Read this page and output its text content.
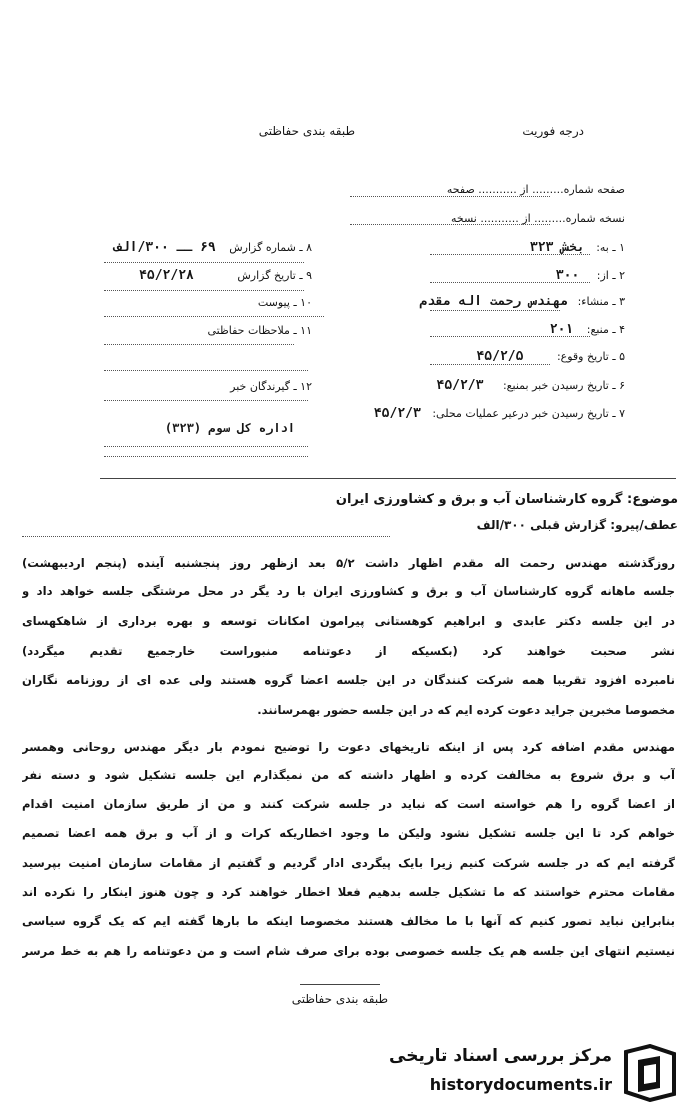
درجه فوریت
طبقه بندی حفاظتی
صفحه شماره......... از ........... صفحه
نسخه شماره......... از ........... نسخه
۱ ـ به: بخش ۳۲۳
۲ ـ از: ۳۰۰
۳ ـ منشاء: مهندس رحمت اله مقدم
۴ ـ منبع: ۲۰۱
۵ ـ تاریخ وقوع: ۴۵/۲/۵
۶ ـ تاریخ رسیدن خبر بمنبع: ۴۵/۲/۳
۷ ـ تاریخ رسیدن خبر درعیر عملیات محلی: ۴۵/۲/۳
۸ ـ شماره گزارش ۶۹ ــ ۳۰۰/الف
۹ ـ تاریخ گزارش ۴۵/۲/۲۸
۱۰ ـ پیوست
۱۱ ـ ملاحظات حفاظتی
۱۲ ـ گیرندگان خبر
اداره کل سوم (۳۲۳)
موضوع: گروه کارشناسان آب و برق و کشاورزی ایران
عطف/پیرو: گزارش قبلی ۳۰۰/الف
روزگذشته مهندس رحمت اله مقدم اظهار داشت ۵/۲ بعد ازظهر روز پنجشنبه آینده (پنجم اردیبهشت)
جلسه ماهانه گروه کارشناسان آب و برق و کشاورزی ایران با رد یگر در محل مرشتگی جلسه خواهد داد و
در این جلسه دکتر عابدی و ابراهیم کوهستانی پیرامون امکانات توسعه و بهره برداری از شاهکهسای
نشر صحبت خواهند کرد (بکسیکه از دعوتنامه منبوراست خارجمیع تقدیم میگردد)
نامبرده افزود تقریبا همه شرکت کنندگان در این جلسه اعضا گروه هستند ولی عده ای از روزنامه نگاران
مخصوصا مخبرین جراید دعوت کرده ایم که در این جلسه حضور بهمرسانند.
مهندس مقدم اضافه کرد پس از اینکه تاریخهای دعوت را توضیح نمودم بار دیگر مهندس روحانی وهمسر
آب و برق شروع به مخالفت کرده و اظهار داشته که من نمیگذارم این جلسه تشکیل شود و دسته نفر
از اعضا گروه را هم خواسته است که نباید در جلسه شرکت کنند و من از طریق سازمان امنیت اقدام
خواهم کرد تا این جلسه تشکیل نشود ولیکن ما وجود اخطاریکه کرات و از آب و برق همه اعضا تصمیم
گرفته ایم که در جلسه شرکت کنیم زیرا بایک پیگردی ادار گردیم و گفتیم از مقامات سازمان امنیت بپرسید
مقامات محترم خواستند که ما تشکیل جلسه بدهیم فعلا اخطار خواهند کرد و چون هنوز اینکار را نکرده اند
بنابراین نباید تصور کنیم که آنها با ما مخالف هستند مخصوصا اینکه ما بارها گفته ایم که یک گروه سیاسی
نیستیم انتهای این جلسه هم یک جلسه خصوصی بوده برای صرف شام است و من دعوتنامه را هم به خط مرسر
طبقه بندی حفاظتی
مرکز بررسی اسناد تاریخی
historydocuments.ir
